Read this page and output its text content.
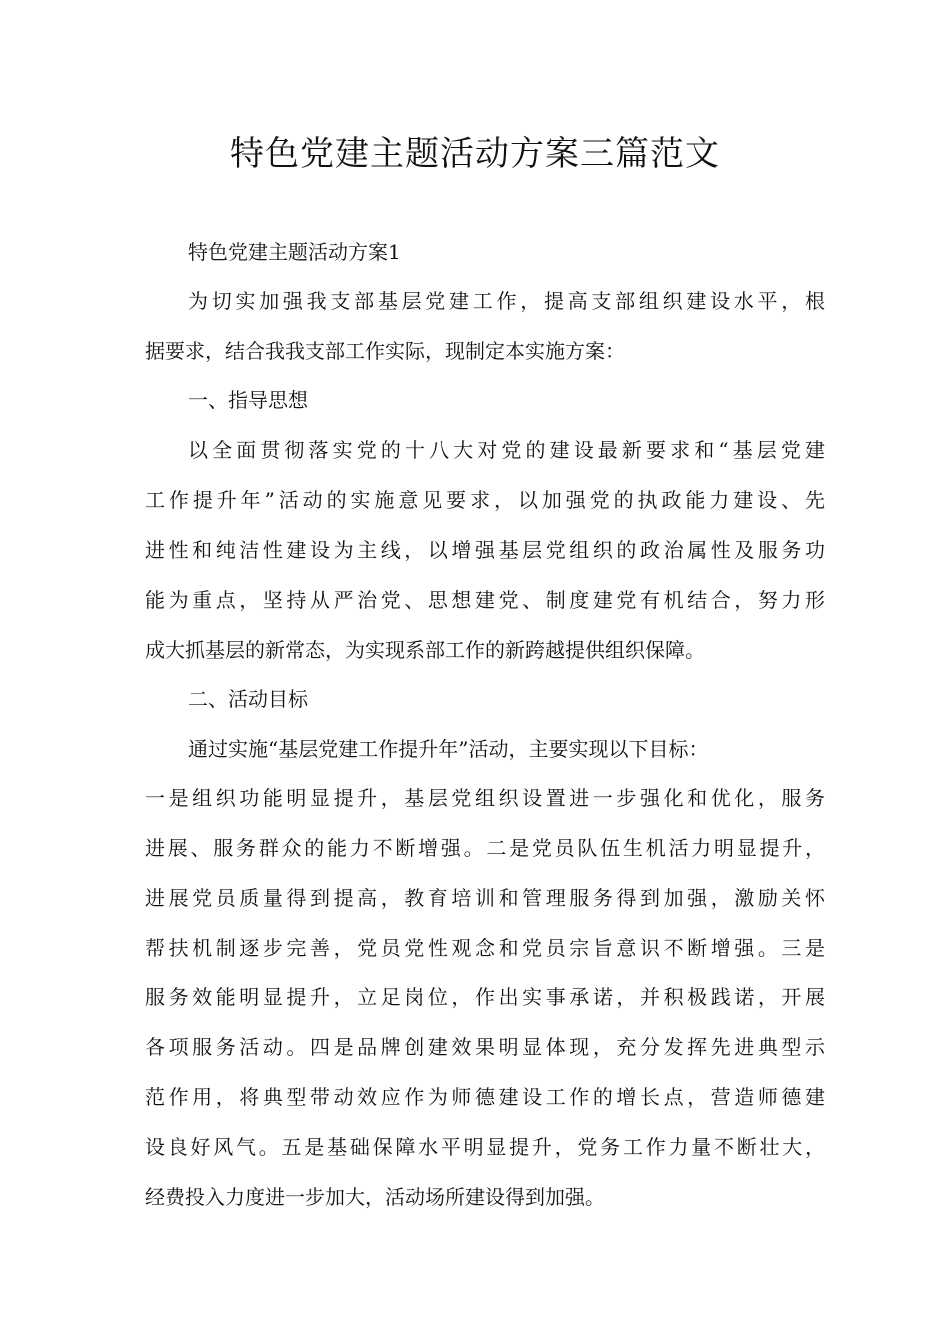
特色党建主题活动方案三篇范文
特色党建主题活动方案1
为切实加强我支部基层党建工作，提高支部组织建设水平，根
据要求，结合我我支部工作实际，现制定本实施方案：
一、指导思想
以全面贯彻落实党的十八大对党的建设最新要求和“基层党建
工作提升年”活动的实施意见要求，以加强党的执政能力建设、先
进性和纯洁性建设为主线，以增强基层党组织的政治属性及服务功
能为重点，坚持从严治党、思想建党、制度建党有机结合，努力形
成大抓基层的新常态，为实现系部工作的新跨越提供组织保障。
二、活动目标
通过实施“基层党建工作提升年”活动，主要实现以下目标：
一是组织功能明显提升，基层党组织设置进一步强化和优化，服务
进展、服务群众的能力不断增强。二是党员队伍生机活力明显提升，
进展党员质量得到提高，教育培训和管理服务得到加强，激励关怀
帮扶机制逐步完善，党员党性观念和党员宗旨意识不断增强。三是
服务效能明显提升，立足岗位，作出实事承诺，并积极践诺，开展
各项服务活动。四是品牌创建效果明显体现，充分发挥先进典型示
范作用，将典型带动效应作为师德建设工作的增长点，营造师德建
设良好风气。五是基础保障水平明显提升，党务工作力量不断壮大，
经费投入力度进一步加大，活动场所建设得到加强。
